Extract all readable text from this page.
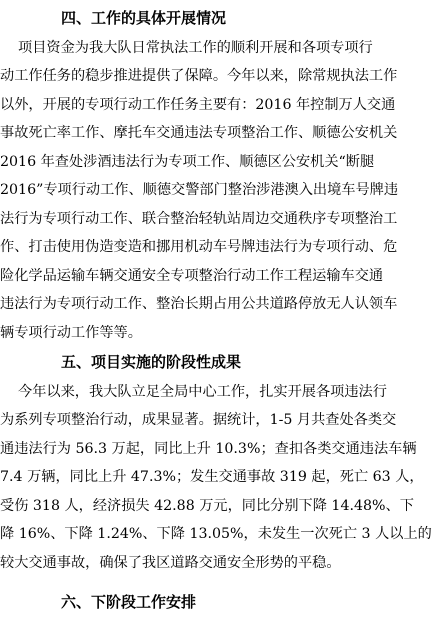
四、工作的具体开展情况
项目资金为我大队日常执法工作的顺利开展和各项专项行
动工作任务的稳步推进提供了保障。今年以来，除常规执法工作
以外，开展的专项行动工作任务主要有：2016 年控制万人交通
事故死亡率工作、摩托车交通违法专项整治工作、顺德公安机关
2016 年查处涉酒违法行为专项工作、顺德区公安机关“断腿
2016”专项行动工作、顺德交警部门整治涉港澳入出境车号牌违
法行为专项行动工作、联合整治轻轨站周边交通秩序专项整治工
作、打击使用伪造变造和挪用机动车号牌违法行为专项行动、危
险化学品运输车辆交通安全专项整治行动工作工程运输车交通
违法行为专项行动工作、整治长期占用公共道路停放无人认领车
辆专项行动工作等等。
五、项目实施的阶段性成果
今年以来，我大队立足全局中心工作，扎实开展各项违法行
为系列专项整治行动，成果显著。据统计，1-5 月共查处各类交
通违法行为 56.3 万起，同比上升 10.3%；查扣各类交通违法车辆
7.4 万辆，同比上升 47.3%；发生交通事故 319 起，死亡 63 人，
受伤 318 人，经济损失 42.88 万元，同比分别下降 14.48%、下
降 16%、下降 1.24%、下降 13.05%，未发生一次死亡 3 人以上的
较大交通事故，确保了我区道路交通安全形势的平稳。
六、下阶段工作安排
